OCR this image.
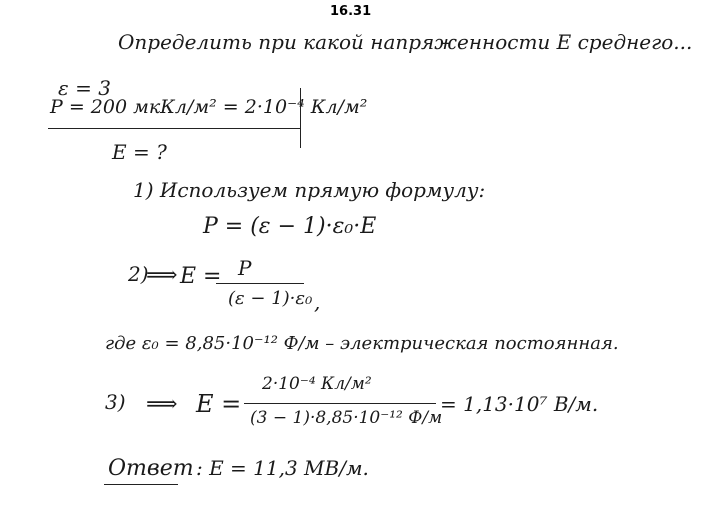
16.31
Определить при какой напряженности E среднего...
ε = 3
P = 200 мкКл/м² = 2·10⁻⁴ Кл/м²
E = ?
1) Используем прямую формулу:
P = (ε − 1)·ε₀·E
2)
⟹ E = P
(ε − 1)·ε₀ ,
где ε₀ = 8,85·10⁻¹² Ф/м – электрическая постоянная.
3) ⟹ E =
2·10⁻⁴ Кл/м²
(3 − 1)·8,85·10⁻¹² Ф/м
= 1,13·10⁷ В/м.
Ответ : E = 11,3 МВ/м.
